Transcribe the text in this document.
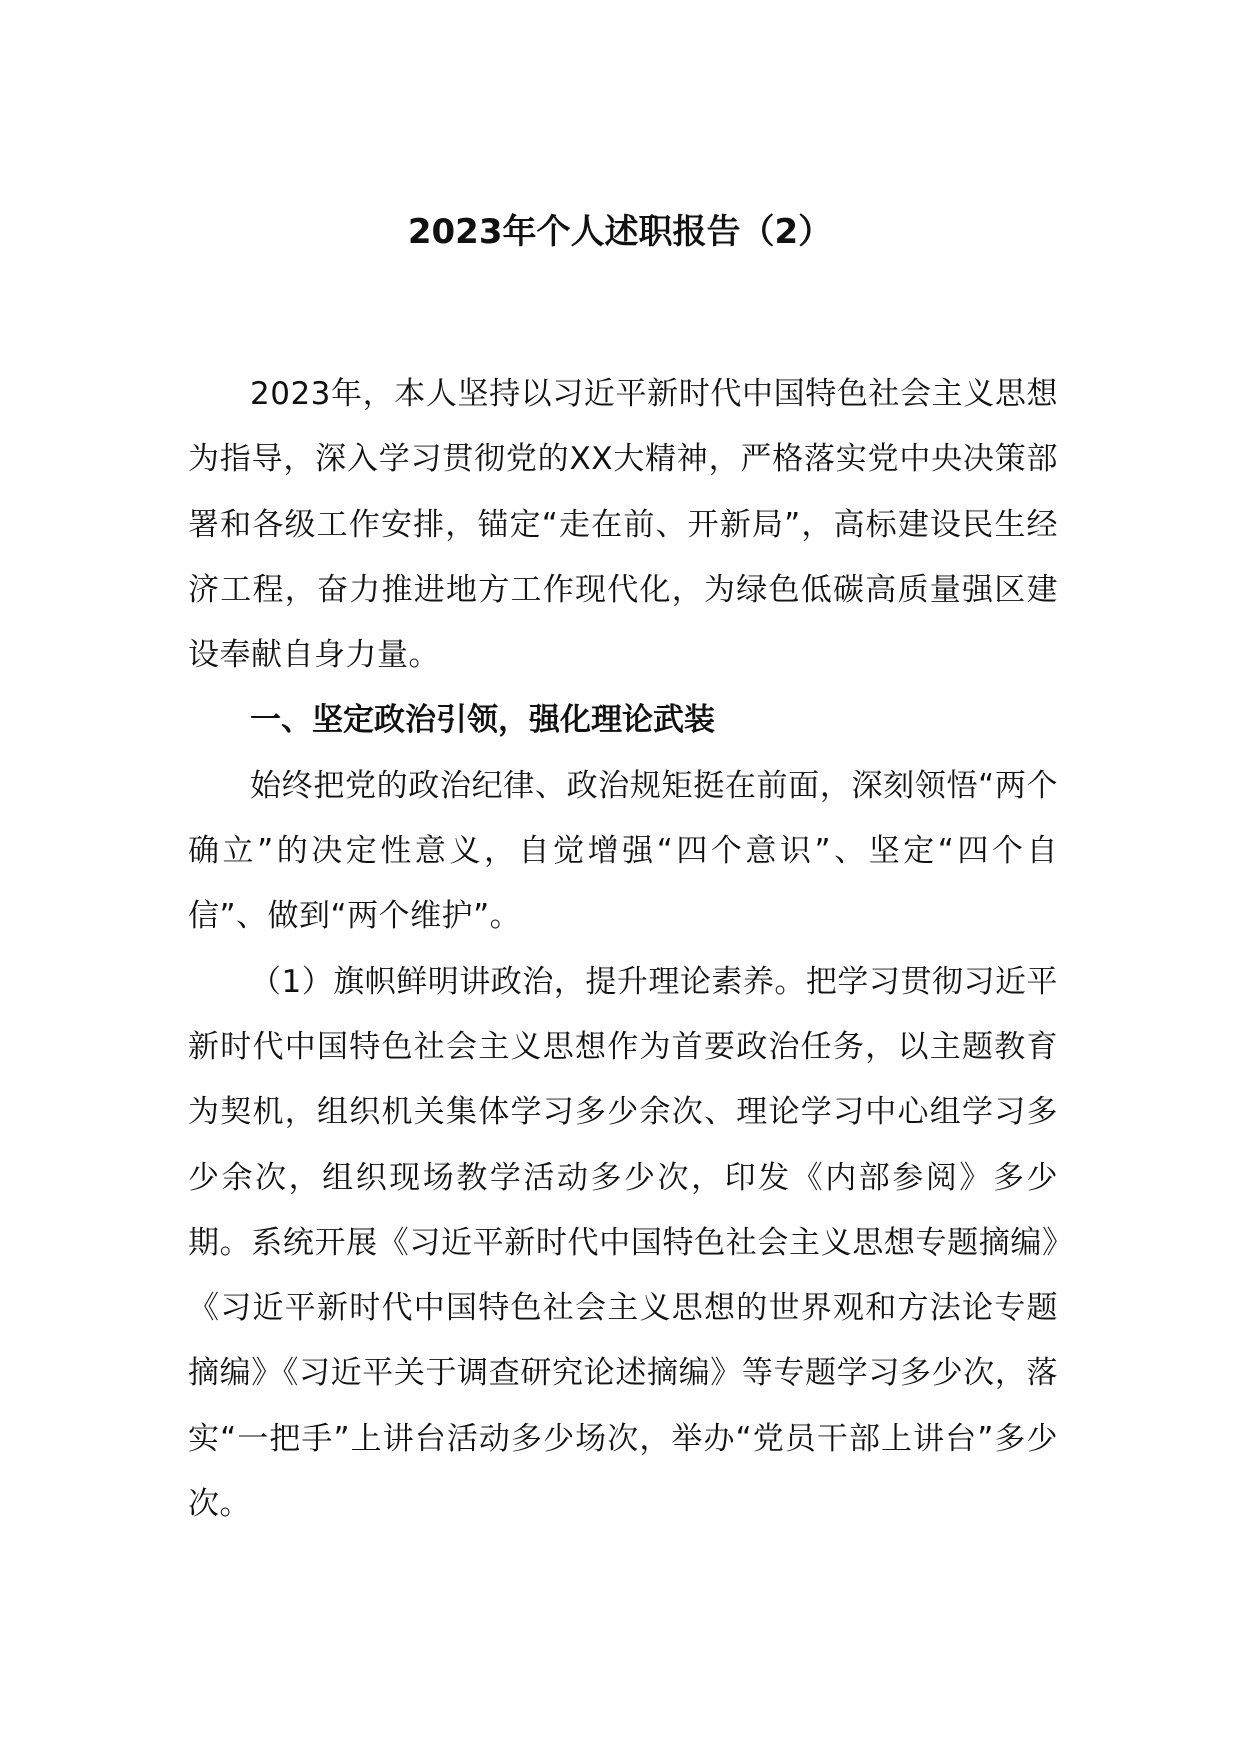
2023年个人述职报告（2）

2023年，本人坚持以习近平新时代中国特色社会主义思想为指导，深入学习贯彻党的XX大精神，严格落实党中央决策部署和各级工作安排，锚定“走在前、开新局”，高标建设民生经济工程，奋力推进地方工作现代化，为绿色低碳高质量强区建设奉献自身力量。

一、坚定政治引领，强化理论武装

始终把党的政治纪律、政治规矩挺在前面，深刻领悟“两个确立”的决定性意义，自觉增强“四个意识”、坚定“四个自信”、做到“两个维护”。

（1）旗帜鲜明讲政治，提升理论素养。把学习贯彻习近平新时代中国特色社会主义思想作为首要政治任务，以主题教育为契机，组织机关集体学习多少余次、理论学习中心组学习多少余次，组织现场教学活动多少次，印发《内部参阅》多少期。系统开展《习近平新时代中国特色社会主义思想专题摘编》《习近平新时代中国特色社会主义思想的世界观和方法论专题摘编》《习近平关于调查研究论述摘编》等专题学习多少次，落实“一把手”上讲台活动多少场次，举办“党员干部上讲台”多少次。
